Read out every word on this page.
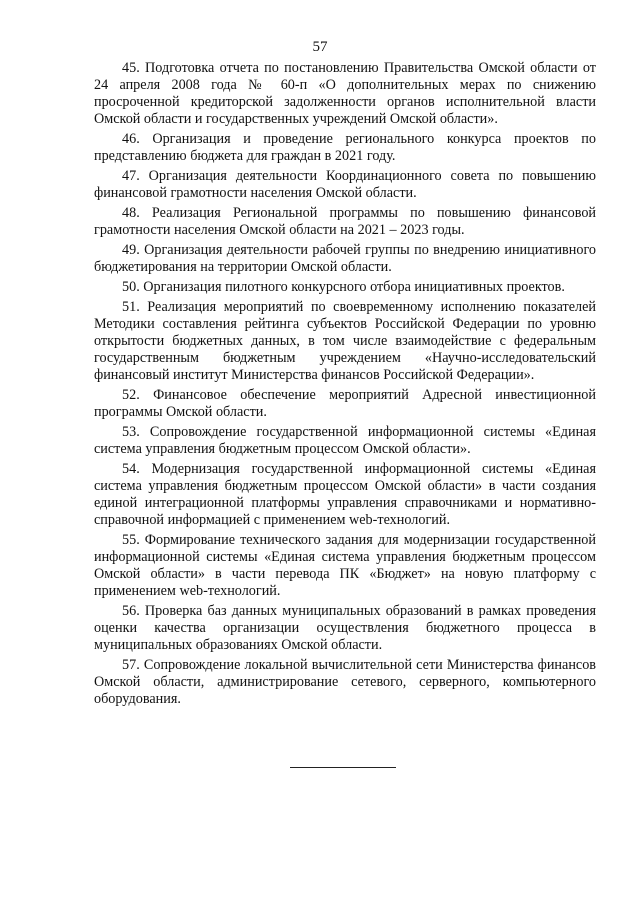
57

45. Подготовка отчета по постановлению Правительства Омской области от 24 апреля 2008 года № 60-п «О дополнительных мерах по снижению просроченной кредиторской задолженности органов исполнительной власти Омской области и государственных учреждений Омской области».

46. Организация и проведение регионального конкурса проектов по представлению бюджета для граждан в 2021 году.

47. Организация деятельности Координационного совета по повышению финансовой грамотности населения Омской области.

48. Реализация Региональной программы по повышению финансовой грамотности населения Омской области на 2021 – 2023 годы.

49. Организация деятельности рабочей группы по внедрению инициативного бюджетирования на территории Омской области.

50. Организация пилотного конкурсного отбора инициативных проектов.

51. Реализация мероприятий по своевременному исполнению показателей Методики составления рейтинга субъектов Российской Федерации по уровню открытости бюджетных данных, в том числе взаимодействие с федеральным государственным бюджетным учреждением «Научно-исследовательский финансовый институт Министерства финансов Российской Федерации».

52. Финансовое обеспечение мероприятий Адресной инвестиционной программы Омской области.

53. Сопровождение государственной информационной системы «Единая система управления бюджетным процессом Омской области».

54. Модернизация государственной информационной системы «Единая система управления бюджетным процессом Омской области» в части создания единой интеграционной платформы управления справочниками и нормативно-справочной информацией с применением web-технологий.

55. Формирование технического задания для модернизации государственной информационной системы «Единая система управления бюджетным процессом Омской области» в части перевода ПК «Бюджет» на новую платформу с применением web-технологий.

56. Проверка баз данных муниципальных образований в рамках проведения оценки качества организации осуществления бюджетного процесса в муниципальных образованиях Омской области.

57. Сопровождение локальной вычислительной сети Министерства финансов Омской области, администрирование сетевого, серверного, компьютерного оборудования.
